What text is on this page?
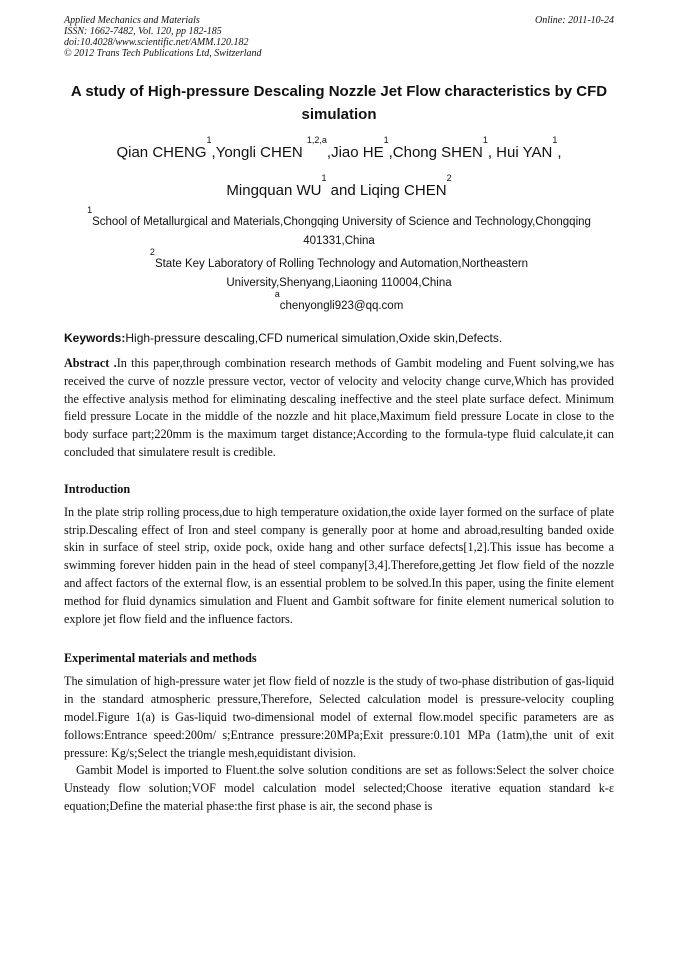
Applied Mechanics and Materials
ISSN: 1662-7482, Vol. 120, pp 182-185
doi:10.4028/www.scientific.net/AMM.120.182
© 2012 Trans Tech Publications Ltd, Switzerland
Online: 2011-10-24
A study of High-pressure Descaling Nozzle Jet Flow characteristics by CFD simulation
Qian CHENG$^1$,Yongli CHEN $^{1,2,a}$,Jiao $HE^1,Chong$ SHEN$^1$, Hui YAN$^1$,
Mingquan $WU^1$ and Liqing CHEN$^2$
$^1$School of Metallurgical and Materials,Chongqing University of Science and Technology,Chongqing 401331,China
$^2$State Key Laboratory of Rolling Technology and Automation,Northeastern University,Shenyang,Liaoning 110004,China
$^a$chenyongli923@qq.com
Keywords:High-pressure descaling,CFD numerical simulation,Oxide skin,Defects.
Abstract .In this paper,through combination research methods of Gambit modeling and Fuent solving,we has received the curve of nozzle pressure vector, vector of velocity and velocity change curve,Which has provided the effective analysis method for eliminating descaling ineffective and the steel plate surface defect. Minimum field pressure Locate in the middle of the nozzle and hit place,Maximum field pressure Locate in close to the body surface part;220mm is the maximum target distance;According to the formula-type fluid calculate,it can concluded that simulatere result is credible.
Introduction
In the plate strip rolling process,due to high temperature oxidation,the oxide layer formed on the surface of plate strip.Descaling effect of Iron and steel company is generally poor at home and abroad,resulting banded oxide skin in surface of steel strip, oxide pock, oxide hang and other surface defects[1,2].This issue has become a swimming forever hidden pain in the head of steel company[3,4].Therefore,getting Jet flow field of the nozzle and affect factors of the external flow, is an essential problem to be solved.In this paper, using the finite element method for fluid dynamics simulation and Fluent and Gambit software for finite element numerical solution to explore jet flow field and the influence factors.
Experimental materials and methods
The simulation of high-pressure water jet flow field of nozzle is the study of two-phase distribution of gas-liquid in the standard atmospheric pressure,Therefore, Selected calculation model is pressure-velocity coupling model.Figure 1(a) is Gas-liquid two-dimensional model of external flow.model specific parameters are as follows:Entrance speed:200m/ s;Entrance pressure:20MPa;Exit pressure:0.101 MPa (1atm),the unit of exit pressure: Kg/s;Select the triangle mesh,equidistant division.
Gambit Model is imported to Fluent.the solve solution conditions are set as follows:Select the solver choice Unsteady flow solution;VOF model calculation model selected;Choose iterative equation standard k-ε equation;Define the material phase:the first phase is air, the second phase is
